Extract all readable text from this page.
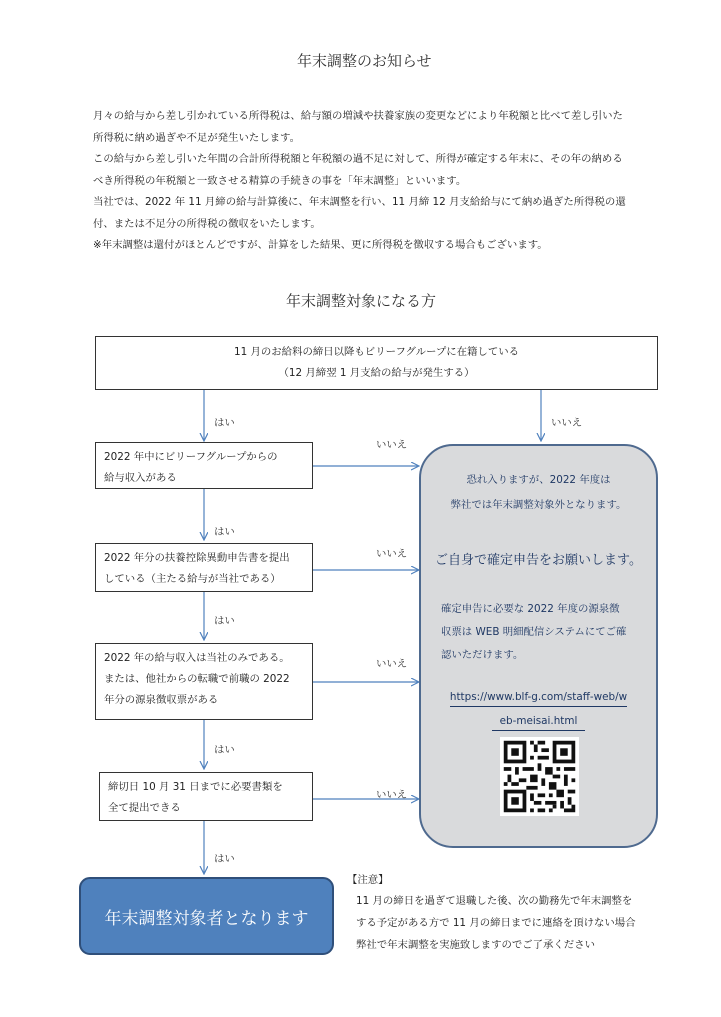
年末調整のお知らせ

月々の給与から差し引かれている所得税は、給与額の増減や扶養家族の変更などにより年税額と比べて差し引いた

所得税に納め過ぎや不足が発生いたします。

この給与から差し引いた年間の合計所得税額と年税額の過不足に対して、所得が確定する年末に、その年の納める

べき所得税の年税額と一致させる精算の手続きの事を「年末調整」といいます。

当社では、2022 年 11 月締の給与計算後に、年末調整を行い、11 月締 12 月支給給与にて納め過ぎた所得税の還

付、または不足分の所得税の徴収をいたします。

※年末調整は還付がほとんどですが、計算をした結果、更に所得税を徴収する場合もございます。

年末調整対象になる方
11 月のお給料の締日以降もビリーフグループに在籍している
（12 月締翌 1 月支給の給与が発生する）
2022 年中にビリーフグループからの
給与収入がある
2022 年分の扶養控除異動申告書を提出
している（主たる給与が当社である）
2022 年の給与収入は当社のみである。
または、他社からの転職で前職の 2022
年分の源泉徴収票がある
締切日 10 月 31 日までに必要書類を
全て提出できる
はい
はい
はい
はい
はい
いいえ
いいえ
いいえ
いいえ
いいえ
恐れ入りますが、2022 年度は
弊社では年末調整対象外となります。
ご自身で確定申告をお願いします。
確定申告に必要な 2022 年度の源泉徴
収票は WEB 明細配信システムにてご確
認いただけます。
https://www.blf-g.com/staff-web/w
eb-meisai.html
年末調整対象者となります
【注意】
11 月の締日を過ぎて退職した後、次の勤務先で年末調整を
する予定がある方で 11 月の締日までに連絡を頂けない場合
弊社で年末調整を実施致しますのでご了承ください
